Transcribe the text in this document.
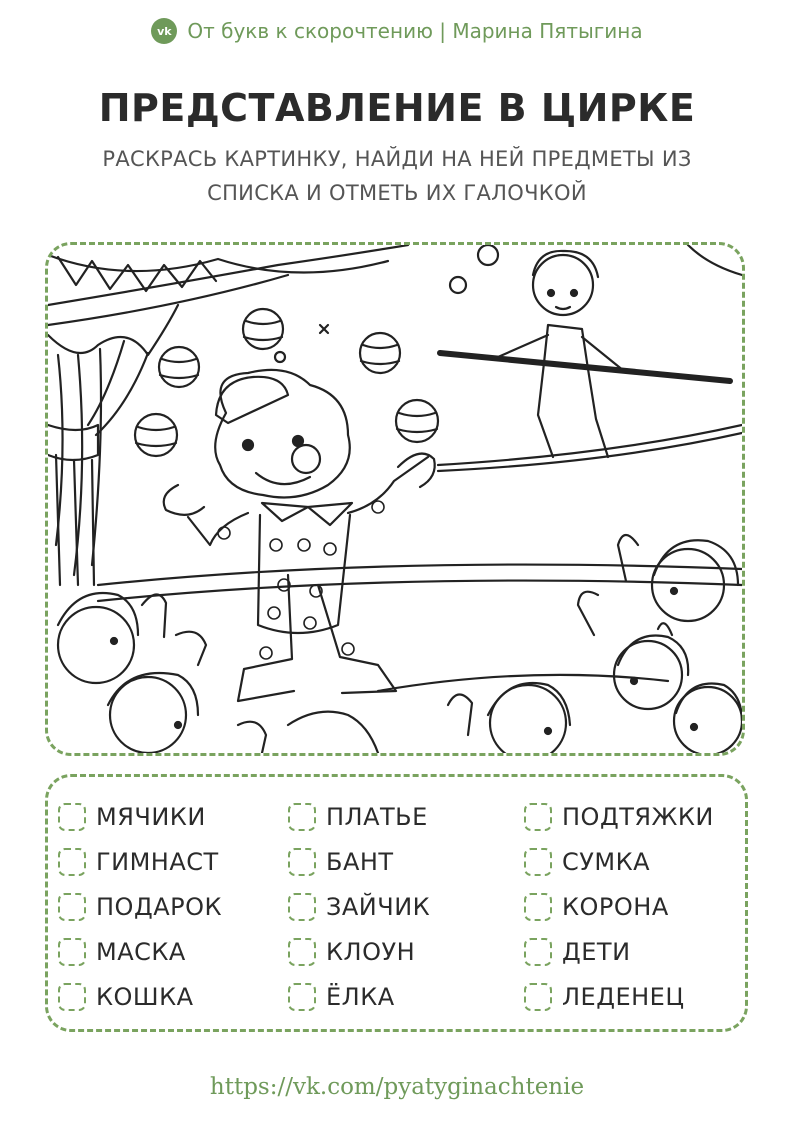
vk От букв к скорочтению | Марина Пятыгина
ПРЕДСТАВЛЕНИЕ В ЦИРКЕ
РАСКРАСЬ КАРТИНКУ, НАЙДИ НА НЕЙ ПРЕДМЕТЫ ИЗ
СПИСКА И ОТМЕТЬ ИХ ГАЛОЧКОЙ
МЯЧИКИ
ГИМНАСТ
ПОДАРОК
МАСКА
КОШКА
ПЛАТЬЕ
БАНТ
ЗАЙЧИК
КЛОУН
ЁЛКА
ПОДТЯЖКИ
СУМКА
КОРОНА
ДЕТИ
ЛЕДЕНЕЦ
https://vk.com/pyatyginachtenie
